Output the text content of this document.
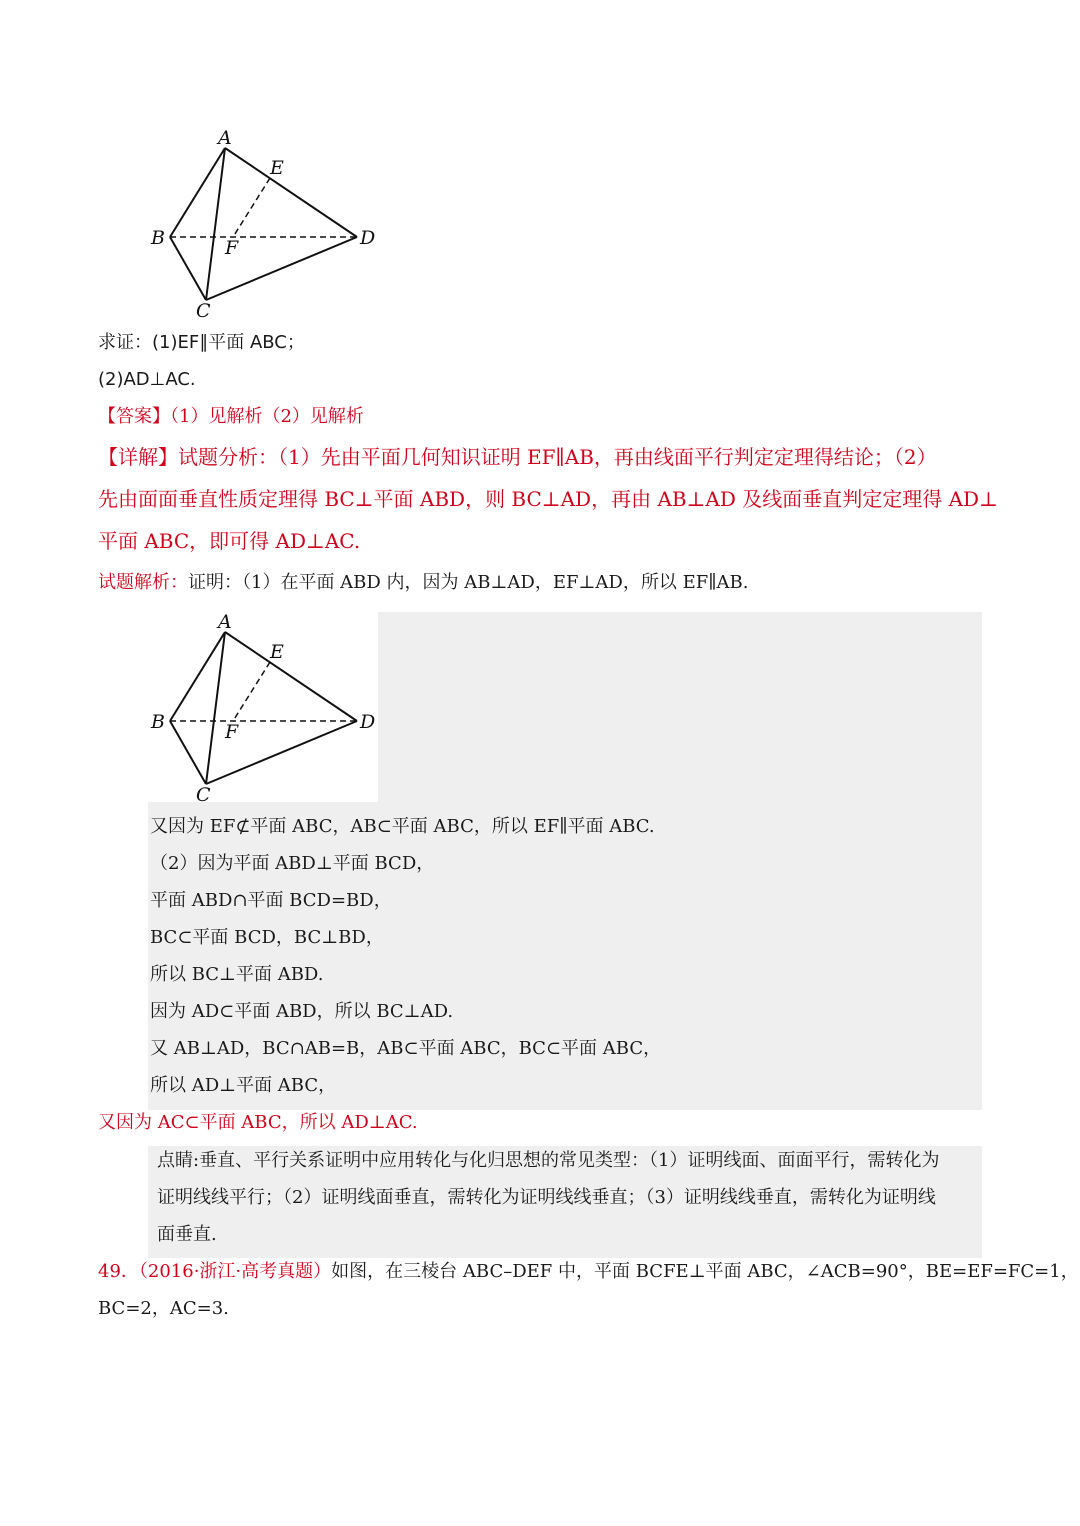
A
E
B	F	D
C
求证：(1)EF∥平面 ABC；
(2)AD⊥AC.
【答案】（1）见解析（2）见解析
【详解】试题分析：（1）先由平面几何知识证明 EF∥AB，再由线面平行判定定理得结论；（2）
先由面面垂直性质定理得 BC⊥平面 ABD，则 BC⊥AD，再由 AB⊥AD 及线面垂直判定定理得 AD⊥
平面 ABC，即可得 AD⊥AC.
试题解析：证明：（1）在平面 ABD 内，因为 AB⊥AD，EF⊥AD，所以 EF∥AB.
A
E
B	F	D
C
又因为 EF⊄平面 ABC，AB⊂平面 ABC，所以 EF∥平面 ABC.
（2）因为平面 ABD⊥平面 BCD，
平面 ABD∩平面 BCD=BD，
BC⊂平面 BCD，BC⊥BD，
所以 BC⊥平面 ABD.
因为 AD⊂平面 ABD，所以 BC⊥AD.
又 AB⊥AD，BC∩AB=B，AB⊂平面 ABC，BC⊂平面 ABC，
所以 AD⊥平面 ABC，
又因为 AC⊂平面 ABC，所以 AD⊥AC.
点睛:垂直、平行关系证明中应用转化与化归思想的常见类型：（1）证明线面、面面平行，需转化为
证明线线平行；（2）证明线面垂直，需转化为证明线线垂直；（3）证明线线垂直，需转化为证明线
面垂直.
49．（2016·浙江·高考真题）如图，在三棱台 ABC–DEF 中，平面 BCFE⊥平面 ABC，∠ACB=90°，BE=EF=FC=1，
BC=2，AC=3.
